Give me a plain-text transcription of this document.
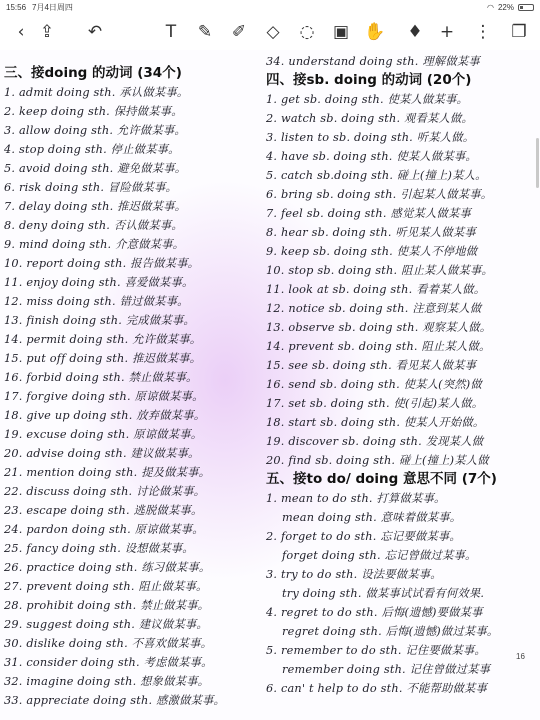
15:56 7月4日周四	◠ 22%
‹ ⇪	↶	T	✎	✐	◇	◌	▣ ✋	♦	+	⋮	❐
三、接doing 的动词 (34个)
1. admit doing sth. 承认做某事。
2. keep doing sth. 保持做某事。
3. allow doing sth. 允许做某事。
4. stop doing sth. 停止做某事。
5. avoid doing sth. 避免做某事。
6. risk doing sth. 冒险做某事。
7. delay doing sth. 推迟做某事。
8. deny doing sth. 否认做某事。
9. mind doing sth. 介意做某事。
10. report doing sth. 报告做某事。
11. enjoy doing sth. 喜爱做某事。
12. miss doing sth. 错过做某事。
13. finish doing sth. 完成做某事。
14. permit doing sth. 允许做某事。
15. put off doing sth. 推迟做某事。
16. forbid doing sth. 禁止做某事。
17. forgive doing sth. 原谅做某事。
18. give up doing sth. 放弃做某事。
19. excuse doing sth. 原谅做某事。
20. advise doing sth. 建议做某事。
21. mention doing sth. 提及做某事。
22. discuss doing sth. 讨论做某事。
23. escape doing sth. 逃脱做某事。
24. pardon doing sth. 原谅做某事。
25. fancy doing sth. 设想做某事。
26. practice doing sth. 练习做某事。
27. prevent doing sth. 阻止做某事。
28. prohibit doing sth. 禁止做某事。
29. suggest doing sth. 建议做某事。
30. dislike doing sth. 不喜欢做某事。
31. consider doing sth. 考虑做某事。
32. imagine doing sth. 想象做某事。
33. appreciate doing sth. 感激做某事。
34. understand doing sth. 理解做某事
四、接sb. doing 的动词 (20个)
1. get sb. doing sth. 使某人做某事。
2. watch sb. doing sth. 观看某人做。
3. listen to sb. doing sth. 听某人做。
4. have sb. doing sth. 使某人做某事。
5. catch sb.doing sth. 碰上(撞上)某人。
6. bring sb. doing sth. 引起某人做某事。
7. feel sb. doing sth. 感觉某人做某事
8. hear sb. doing sth. 听见某人做某事
9. keep sb. doing sth. 使某人不停地做
10. stop sb. doing sth. 阻止某人做某事。
11. look at sb. doing sth. 看着某人做。
12. notice sb. doing sth. 注意到某人做
13. observe sb. doing sth. 观察某人做。
14. prevent sb. doing sth. 阻止某人做。
15. see sb. doing sth. 看见某人做某事
16. send sb. doing sth. 使某人(突然)做
17. set sb. doing sth. 使(引起)某人做。
18. start sb. doing sth. 使某人开始做。
19. discover sb. doing sth. 发现某人做
20. find sb. doing sth. 碰上(撞上)某人做
五、接to do/ doing 意思不同 (7个)
1. mean to do sth. 打算做某事。
mean doing sth. 意味着做某事。
2. forget to do sth. 忘记要做某事。
forget doing sth. 忘记曾做过某事。
3. try to do sth. 设法要做某事。
try doing sth. 做某事试试看有何效果.
4. regret to do sth. 后悔(遗憾)要做某事
regret doing sth. 后悔(遗憾)做过某事。
5. remember to do sth. 记住要做某事。
remember doing sth. 记住曾做过某事
6. can' t help to do sth. 不能帮助做某事
16
